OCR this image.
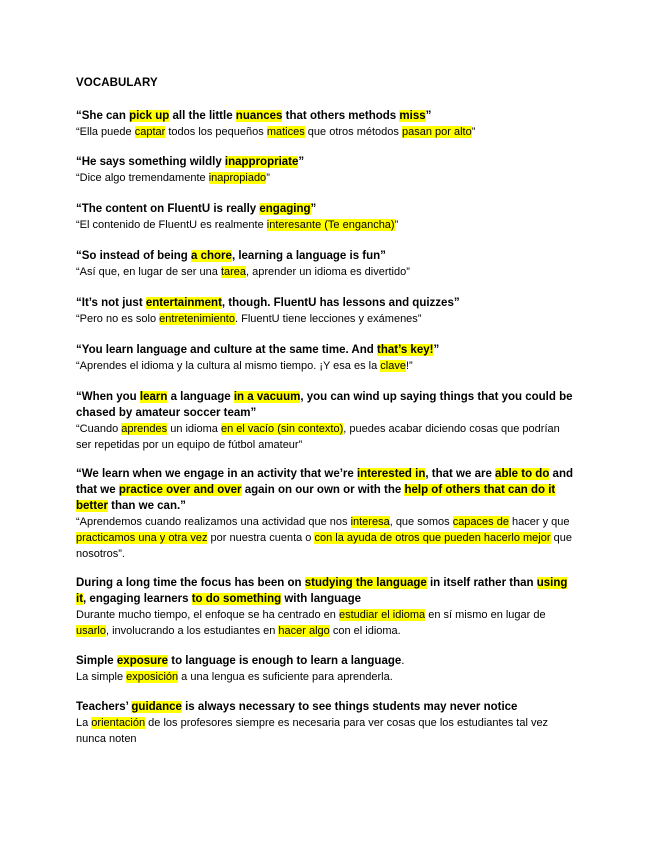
VOCABULARY

“She can pick up all the little nuances that others methods miss”

“Ella puede captar todos los pequeños matices que otros métodos pasan por alto”

“He says something wildly inappropriate”

“Dice algo tremendamente inapropiado”

“The content on FluentU is really engaging”

“El contenido de FluentU es realmente interesante (Te engancha)”

“So instead of being a chore, learning a language is fun”

“Así que, en lugar de ser una tarea, aprender un idioma es divertido”

“It’s not just entertainment, though. FluentU has lessons and quizzes”

“Pero no es solo entretenimiento. FluentU tiene lecciones y exámenes”

“You learn language and culture at the same time. And that’s key!”

“Aprendes el idioma y la cultura al mismo tiempo. ¡Y esa es la clave!”

“When you learn a language in a vacuum, you can wind up saying things that you could be chased by amateur soccer team”

“Cuando aprendes un idioma en el vacío (sin contexto), puedes acabar diciendo cosas que podrían ser repetidas por un equipo de fútbol amateur”

“We learn when we engage in an activity that we’re interested in, that we are able to do and that we practice over and over again on our own or with the help of others that can do it better than we can.”

“Aprendemos cuando realizamos una actividad que nos interesa, que somos capaces de hacer y que practicamos una y otra vez por nuestra cuenta o con la ayuda de otros que pueden hacerlo mejor que nosotros”.

During a long time the focus has been on studying the language in itself rather than using it, engaging learners to do something with language

Durante mucho tiempo, el enfoque se ha centrado en estudiar el idioma en sí mismo en lugar de usarlo, involucrando a los estudiantes en hacer algo con el idioma.

Simple exposure to language is enough to learn a language.

La simple exposición a una lengua es suficiente para aprenderla.

Teachers’ guidance is always necessary to see things students may never notice

La orientación de los profesores siempre es necesaria para ver cosas que los estudiantes tal vez nunca noten
